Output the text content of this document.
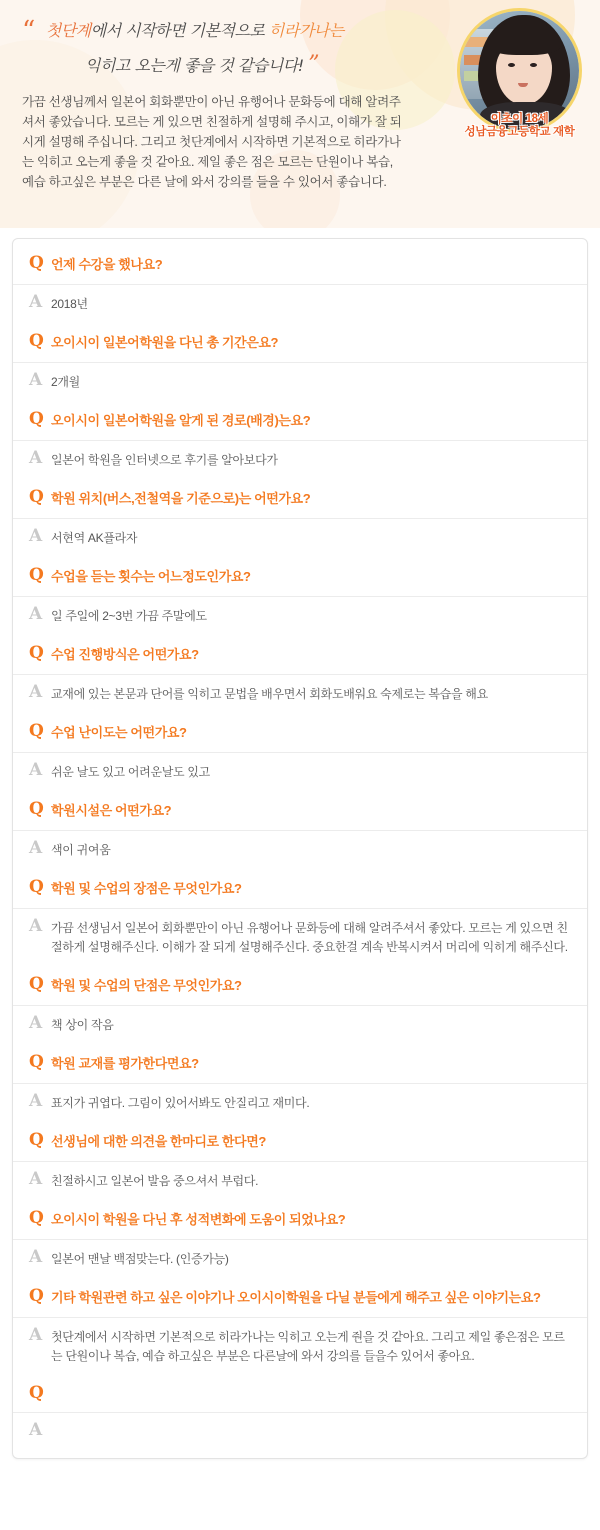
“ 첫단계에서 시작하면 기본적으로 히라가나는
익히고 오는게 좋을 것 같습니다! ”
가끔 선생님께서 일본어 회화뿐만이 아닌 유행어나 문화등에 대해 알려주셔서 좋았습니다. 모르는 게 있으면 친절하게 설명해 주시고, 이해가 잘 되시게 설명해 주십니다. 그리고 첫단계에서 시작하면 기본적으로 히라가나는 익히고 오는게 좋을 것 같아요. 제일 좋은 점은 모르는 단원이나 복습, 예습 하고싶은 부분은 다른 날에 와서 강의를 들을 수 있어서 좋습니다.
이초이 18세
성남금융고등학교 재학
Q 언제 수강을 했나요?
A 2018년
Q 오이시이 일본어학원을 다닌 총 기간은요?
A 2개월
Q 오이시이 일본어학원을 알게 된 경로(배경)는요?
A 일본어 학원을 인터넷으로 후기를 알아보다가
Q 학원 위치(버스,전철역을 기준으로)는 어떤가요?
A 서현역 AK플라자
Q 수업을 듣는 횟수는 어느정도인가요?
A 일 주일에 2~3번 가끔 주말에도
Q 수업 진행방식은 어떤가요?
A 교재에 있는 본문과 단어를 익히고 문법을 배우면서 회화도배워요 숙제로는 복습을 해요
Q 수업 난이도는 어떤가요?
A 쉬운 날도 있고 어려운날도 있고
Q 학원시설은 어떤가요?
A 색이 귀여움
Q 학원 및 수업의 장점은 무엇인가요?
A 가끔 선생님서 일본어 회화뿐만이 아닌 유행어나 문화등에 대해 알려주셔서 좋았다. 모르는 게 있으면 친절하게 설명해주신다. 이해가 잘 되게 설명해주신다. 중요한걸 계속 반복시켜서 머리에 익히게 해주신다.
Q 학원 및 수업의 단점은 무엇인가요?
A 책 상이 작음
Q 학원 교재를 평가한다면요?
A 표지가 귀엽다. 그림이 있어서봐도 안질리고 재미다.
Q 선생님에 대한 의견을 한마디로 한다면?
A 친절하시고 일본어 발음 중으셔서 부럽다.
Q 오이시이 학원을 다닌 후 성적변화에 도움이 되었나요?
A 일본어 맨날 백점맞는다. (인증가능)
Q 기타 학원관련 하고 싶은 이야기나 오이시이학원을 다닐 분들에게 해주고 싶은 이야기는요?
A 첫단계에서 시작하면 기본적으로 히라가나는 익히고 오는게 줜을 것 같아요. 그리고 제일 좋은점은 모르는 단원이나 복습, 예습 하고싶은 부분은 다른날에 와서 강의를 들을수 있어서 좋아요.
Q
A
